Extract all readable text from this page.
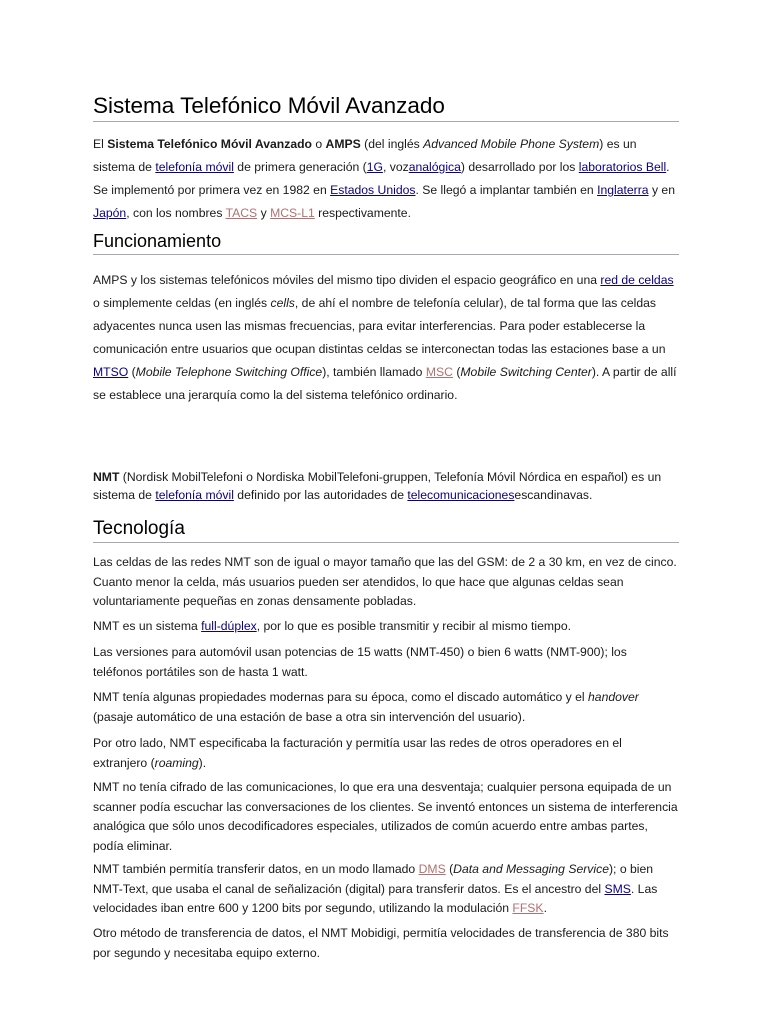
Sistema Telefónico Móvil Avanzado

El Sistema Telefónico Móvil Avanzado o AMPS (del inglés Advanced Mobile Phone System) es un sistema de telefonía móvil de primera generación (1G, vozanalógica) desarrollado por los laboratorios Bell. Se implementó por primera vez en 1982 en Estados Unidos. Se llegó a implantar también en Inglaterra y en Japón, con los nombres TACS y MCS-L1 respectivamente.

Funcionamiento

AMPS y los sistemas telefónicos móviles del mismo tipo dividen el espacio geográfico en una red de celdas o simplemente celdas (en inglés cells, de ahí el nombre de telefonía celular), de tal forma que las celdas adyacentes nunca usen las mismas frecuencias, para evitar interferencias. Para poder establecerse la comunicación entre usuarios que ocupan distintas celdas se interconectan todas las estaciones base a un MTSO (Mobile Telephone Switching Office), también llamado MSC (Mobile Switching Center). A partir de allí se establece una jerarquía como la del sistema telefónico ordinario.

NMT (Nordisk MobilTelefoni o Nordiska MobilTelefoni-gruppen, Telefonía Móvil Nórdica en español) es un sistema de telefonía móvil definido por las autoridades de telecomunicacionesescandinavas.

Tecnología

Las celdas de las redes NMT son de igual o mayor tamaño que las del GSM: de 2 a 30 km, en vez de cinco. Cuanto menor la celda, más usuarios pueden ser atendidos, lo que hace que algunas celdas sean voluntariamente pequeñas en zonas densamente pobladas.

NMT es un sistema full-dúplex, por lo que es posible transmitir y recibir al mismo tiempo.

Las versiones para automóvil usan potencias de 15 watts (NMT-450) o bien 6 watts (NMT-900); los teléfonos portátiles son de hasta 1 watt.

NMT tenía algunas propiedades modernas para su época, como el discado automático y el handover (pasaje automático de una estación de base a otra sin intervención del usuario).

Por otro lado, NMT especificaba la facturación y permitía usar las redes de otros operadores en el extranjero (roaming).

NMT no tenía cifrado de las comunicaciones, lo que era una desventaja; cualquier persona equipada de un scanner podía escuchar las conversaciones de los clientes. Se inventó entonces un sistema de interferencia analógica que sólo unos decodificadores especiales, utilizados de común acuerdo entre ambas partes, podía eliminar.

NMT también permitía transferir datos, en un modo llamado DMS (Data and Messaging Service); o bien NMT-Text, que usaba el canal de señalización (digital) para transferir datos. Es el ancestro del SMS. Las velocidades iban entre 600 y 1200 bits por segundo, utilizando la modulación FFSK.

Otro método de transferencia de datos, el NMT Mobidigi, permitía velocidades de transferencia de 380 bits por segundo y necesitaba equipo externo.
